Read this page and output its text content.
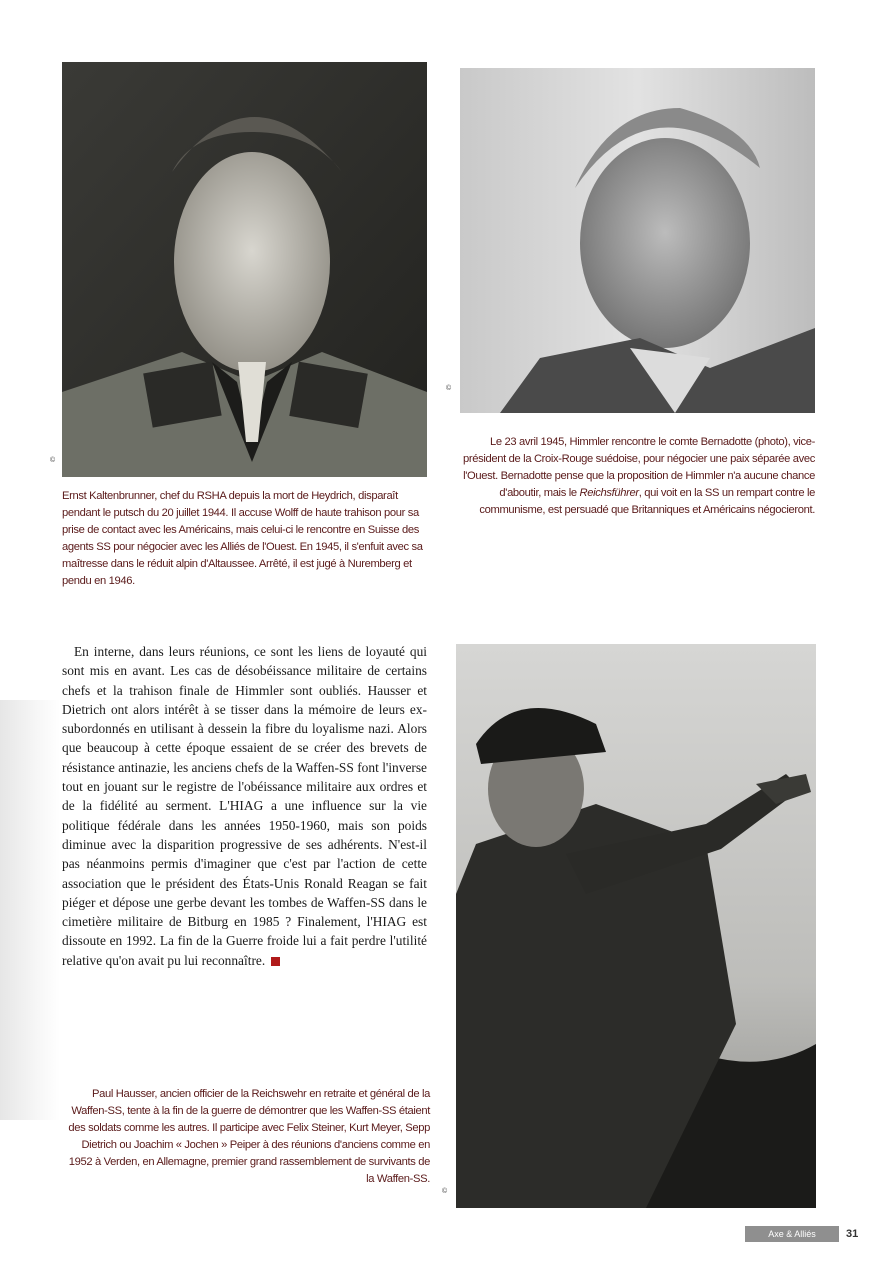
©
©
Ernst Kaltenbrunner, chef du RSHA depuis la mort de Heydrich, disparaît pendant le putsch du 20 juillet 1944. Il accuse Wolff de haute trahison pour sa prise de contact avec les Américains, mais celui-ci le rencontre en Suisse des agents SS pour négocier avec les Alliés de l'Ouest. En 1945, il s'enfuit avec sa maîtresse dans le réduit alpin d'Altaussee. Arrêté, il est jugé à Nuremberg et pendu en 1946.
Le 23 avril 1945, Himmler rencontre le comte Bernadotte (photo), vice-président de la Croix-Rouge suédoise, pour négocier une paix séparée avec l'Ouest. Bernadotte pense que la proposition de Himmler n'a aucune chance d'aboutir, mais le Reichsführer, qui voit en la SS un rempart contre le communisme, est persuadé que Britanniques et Américains négocieront.
©
En interne, dans leurs réunions, ce sont les liens de loyauté qui sont mis en avant. Les cas de désobéissance militaire de certains chefs et la trahison finale de Himmler sont oubliés. Hausser et Dietrich ont alors intérêt à se tisser dans la mémoire de leurs ex-subordonnés en utilisant à dessein la fibre du loyalisme nazi. Alors que beaucoup à cette époque essaient de se créer des brevets de résistance antinazie, les anciens chefs de la Waffen-SS font l'inverse tout en jouant sur le registre de l'obéissance militaire aux ordres et de la fidélité au serment. L'HIAG a une influence sur la vie politique fédérale dans les années 1950-1960, mais son poids diminue avec la disparition progressive de ses adhérents. N'est-il pas néanmoins permis d'imaginer que c'est par l'action de cette association que le président des États-Unis Ronald Reagan se fait piéger et dépose une gerbe devant les tombes de Waffen-SS dans le cimetière militaire de Bitburg en 1985 ? Finalement, l'HIAG est dissoute en 1992. La fin de la Guerre froide lui a fait perdre l'utilité relative qu'on avait pu lui reconnaître.
Paul Hausser, ancien officier de la Reichswehr en retraite et général de la Waffen-SS, tente à la fin de la guerre de démontrer que les Waffen-SS étaient des soldats comme les autres. Il participe avec Felix Steiner, Kurt Meyer, Sepp Dietrich ou Joachim « Jochen » Peiper à des réunions d'anciens comme en 1952 à Verden, en Allemagne, premier grand rassemblement de survivants de la Waffen-SS.
Axe & Alliés	31
